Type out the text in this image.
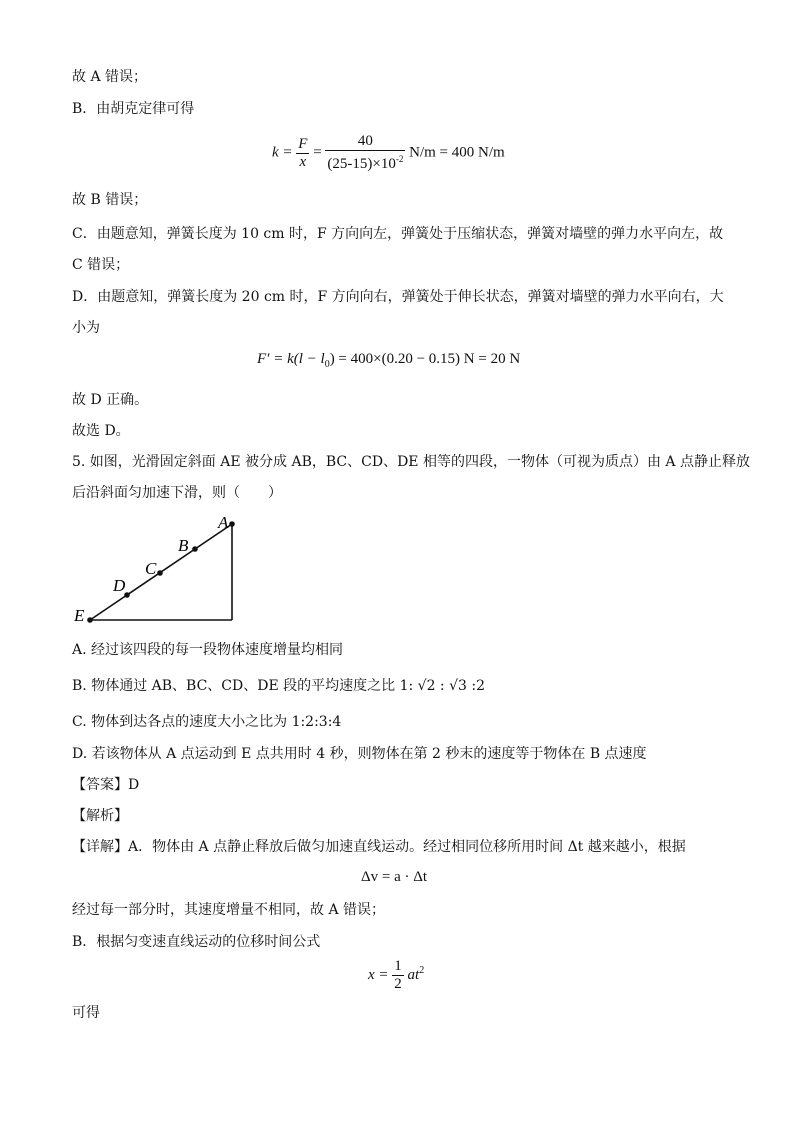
故 A 错误；
B．由胡克定律可得
$k = \frac{F}{x} = \frac{40}{(25-15)\times 10^{-2}} N/m = 400$ N/m
故 B 错误；
C．由题意知，弹簧长度为 10 cm 时，F 方向向左，弹簧处于压缩状态，弹簧对墙壁的弹力水平向左，故
C 错误；
D．由题意知，弹簧长度为 20 cm 时，F 方向向右，弹簧处于伸长状态，弹簧对墙壁的弹力水平向右，大
小为
$F' = k(l - l_0) = 400\times(0.20 - 0.15)$ N = 20 N
故 D 正确。
故选 D。
5. 如图，光滑固定斜面 AE 被分成 AB，BC、CD、DE 相等的四段，一物体（可视为质点）由 A 点静止释放
后沿斜面匀加速下滑，则（　　）
A
B
C
D
E
A. 经过该四段的每一段物体速度增量均相同
B. 物体通过 AB、BC、CD、DE 段的平均速度之比 1: √2 : √3 :2
C. 物体到达各点的速度大小之比为 1:2:3:4
D. 若该物体从 A 点运动到 E 点共用时 4 秒，则物体在第 2 秒末的速度等于物体在 B 点速度
【答案】D
【解析】
【详解】A．物体由 A 点静止释放后做匀加速直线运动。经过相同位移所用时间 Δt 越来越小，根据
Δv = a · Δt
经过每一部分时，其速度增量不相同，故 A 错误；
B．根据匀变速直线运动的位移时间公式
$x = \frac{1}{2} at^2$
可得
